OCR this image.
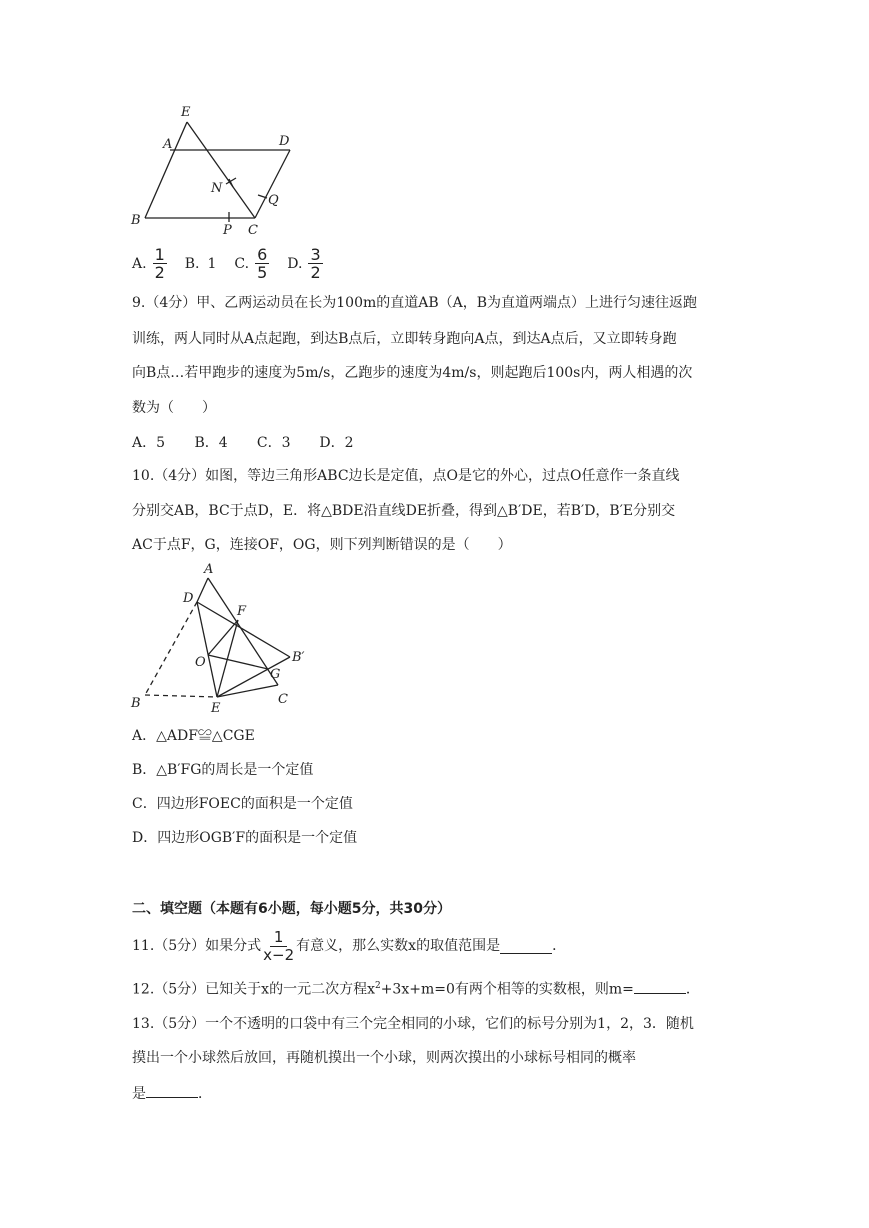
E
A	D
N
Q
B
P C
A. $\frac{1}{2} B$. 1 C. $\frac{6}{5} D$. $\frac{3}{2}$
9.（4分）甲、乙两运动员在长为100m的直道AB（A，B为直道两端点）上进行匀速往返跑
训练，两人同时从A点起跑，到达B点后，立即转身跑向A点，到达A点后，又立即转身跑
向B点…若甲跑步的速度为5m/s，乙跑步的速度为4m/s，则起跑后100s内，两人相遇的次
数为（　　）
A．5 B．4 C．3 D．2
10.（4分）如图，等边三角形ABC边长是定值，点O是它的外心，过点O任意作一条直线
分别交AB，BC于点D，E．将△BDE沿直线DE折叠，得到△B′DE，若B′D，B′E分别交
AC于点F，G，连接OF，OG，则下列判断错误的是（　　）
A
D
F
O	B′
G
B	E
C
A．△ADF≌△CGE
B．△B′FG的周长是一个定值
C．四边形FOEC的面积是一个定值
D．四边形OGB′F的面积是一个定值
二、填空题（本题有6小题，每小题5分，共30分）
11.（5分）如果分式 $\frac{1}{x-2}$ 有意义，那么实数x的取值范围是	．
12.（5分）已知关于x的一元二次方程$x^2+3x+m=0$有两个相等的实数根，则m=	．
13.（5分）一个不透明的口袋中有三个完全相同的小球，它们的标号分别为1，2，3．随机
摸出一个小球然后放回，再随机摸出一个小球，则两次摸出的小球标号相同的概率
是	．
